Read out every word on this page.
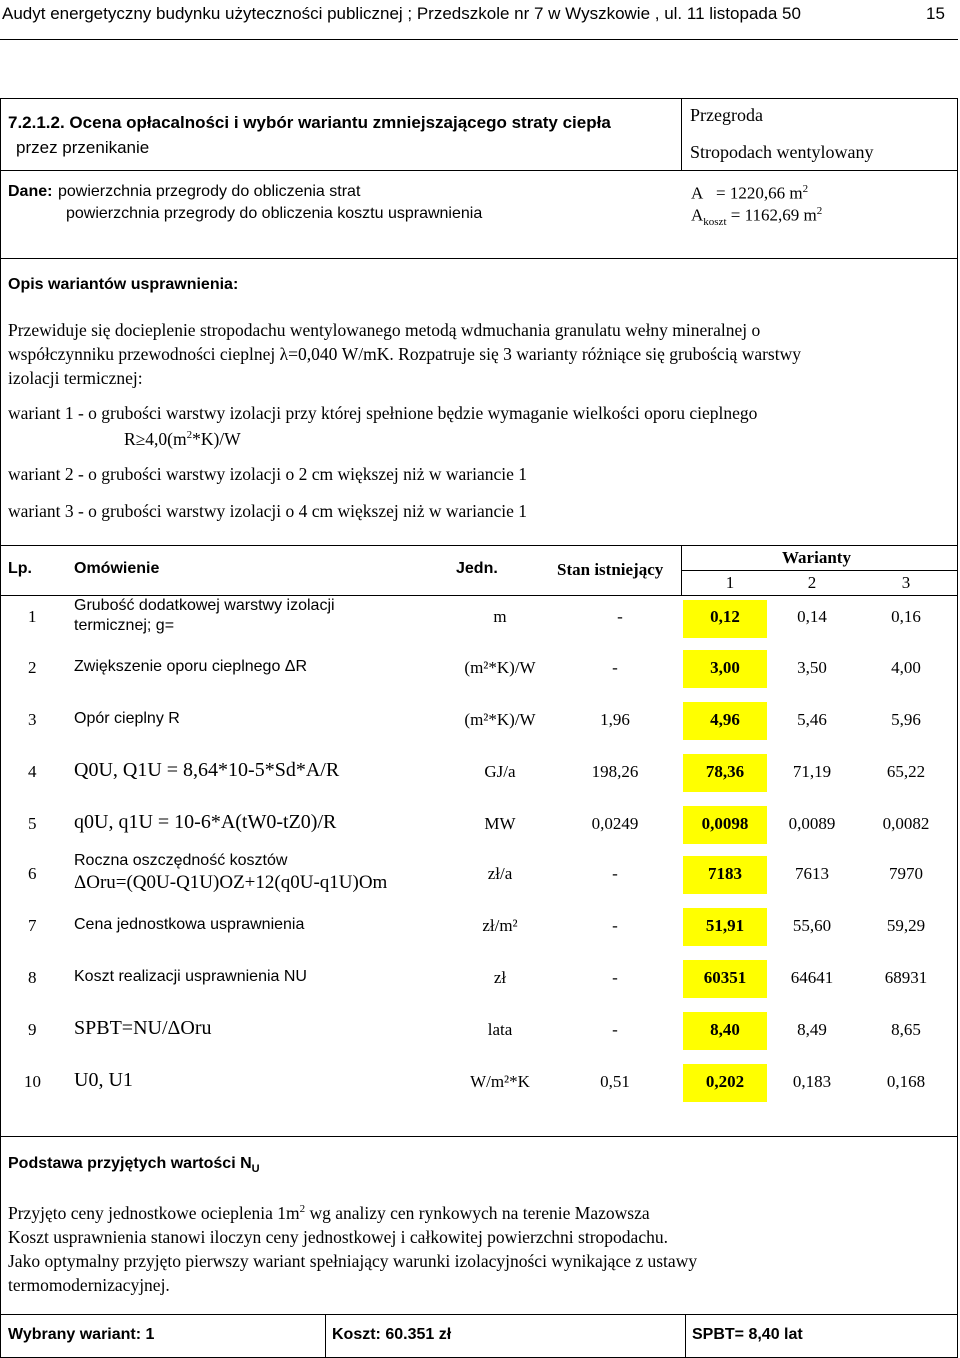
Audyt energetyczny budynku użyteczności publicznej ; Przedszkole nr 7 w Wyszkowie , ul. 11 listopada 50	15
7.2.1.2. Ocena opłacalności i wybór wariantu zmniejszającego straty ciepła
przez przenikanie
Przegroda
Stropodach wentylowany
Dane: powierzchnia przegrody do obliczenia strat
powierzchnia przegrody do obliczenia kosztu usprawnienia
A   = 1220,66 $m^2$
$A_{koszt} = 1162,69$ $m^2$
Opis wariantów usprawnienia:
Przewiduje się docieplenie stropodachu wentylowanego metodą wdmuchania granulatu wełny mineralnej o
współczynniku przewodności cieplnej λ=0,040 W/mK. Rozpatruje się 3 warianty różniące się grubością warstwy
izolacji termicznej:
wariant 1 - o grubości warstwy izolacji przy której spełnione będzie wymaganie wielkości oporu cieplnego
$R\ge 4,0(m^2*K)/W$
wariant 2 - o grubości warstwy izolacji o 2 cm większej niż w wariancie 1
wariant 3 - o grubości warstwy izolacji o 4 cm większej niż w wariancie 1
Lp.	Omówienie	Jedn.	Stan istniejący
Warianty
1	2	3
1
Grubość dodatkowej warstwy izolacji
termicznej; g=	m	-	0,12	0,14	0,16
2 Zwiększenie oporu cieplnego ΔR	(m²*K)/W	-	3,00	3,50	4,00
3 Opór cieplny R	(m²*K)/W	1,96	4,96	5,46	5,96
4 Q0U, Q1U = 8,64*10-5*Sd*A/R	GJ/a	198,26	78,36	71,19	65,22
5 q0U, q1U = 10-6*A(tW0-tZ0)/R	MW	0,0249	0,0098	0,0089	0,0082
6
Roczna oszczędność kosztów
ΔOru=(Q0U-Q1U)OZ+12(q0U-q1U)Om	zł/a	-	7183	7613	7970
7 Cena jednostkowa usprawnienia	zł/m²	-	51,91	55,60	59,29
8 Koszt realizacji usprawnienia NU	zł	-	60351	64641	68931
9 SPBT=NU/ΔOru	lata	-	8,40	8,49	8,65
10 U0, U1	W/m²*K	0,51	0,202	0,183	0,168
Podstawa przyjętych wartości $N_U$
Przyjęto ceny jednostkowe ocieplenia $1m^2$ wg analizy cen rynkowych na terenie Mazowsza
Koszt usprawnienia stanowi iloczyn ceny jednostkowej i całkowitej powierzchni stropodachu.
Jako optymalny przyjęto pierwszy wariant spełniający warunki izolacyjności wynikające z ustawy
termomodernizacyjnej.
Wybrany wariant: 1	Koszt: 60.351 zł	SPBT= 8,40 lat
